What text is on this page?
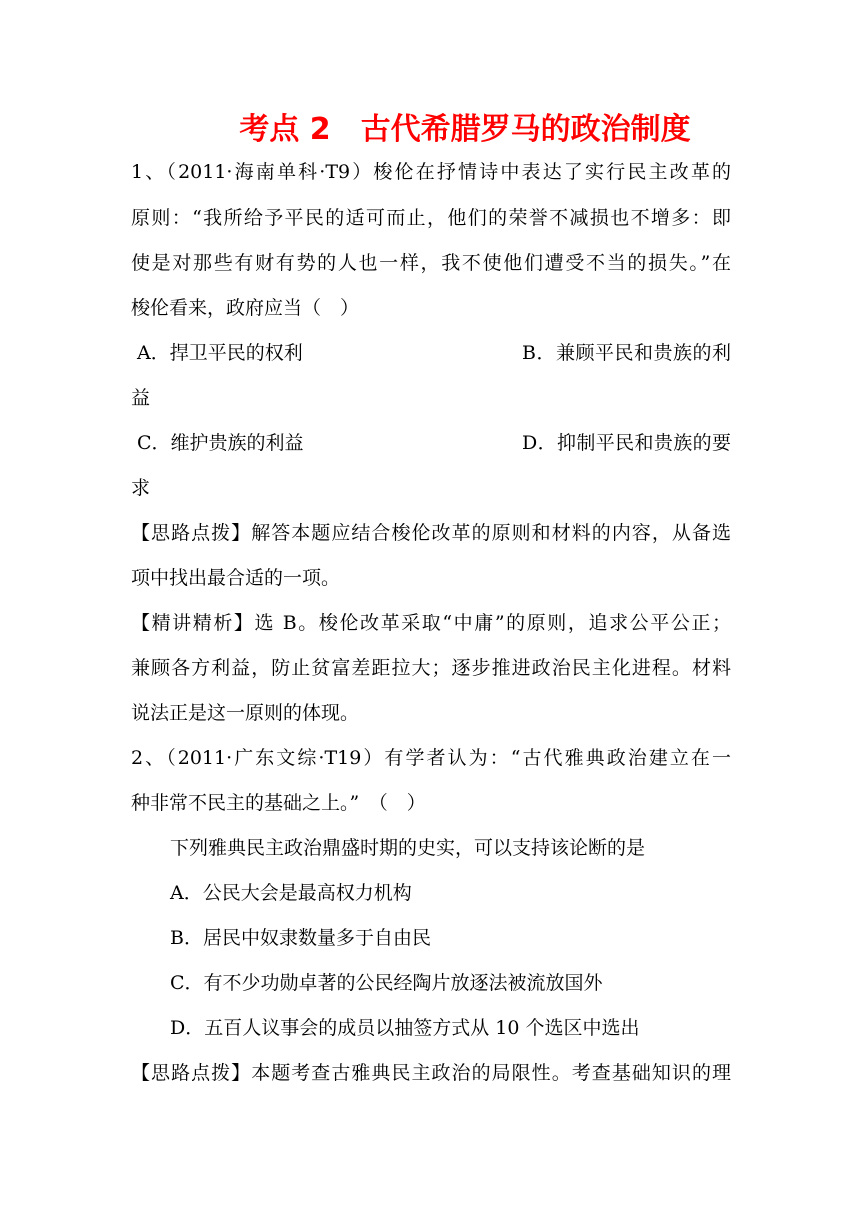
考点 2　古代希腊罗马的政治制度
1、（2011·海南单科·T9）梭伦在抒情诗中表达了实行民主改革的
原则：“我所给予平民的适可而止，他们的荣誉不减损也不增多：即
使是对那些有财有势的人也一样，我不使他们遭受不当的损失。”在
梭伦看来，政府应当（　）
A．捍卫平民的权利	B．兼顾平民和贵族的利
益
C．维护贵族的利益	D．抑制平民和贵族的要
求
【思路点拨】解答本题应结合梭伦改革的原则和材料的内容，从备选
项中找出最合适的一项。
【精讲精析】选 B。梭伦改革采取“中庸”的原则，追求公平公正；
兼顾各方利益，防止贫富差距拉大；逐步推进政治民主化进程。材料
说法正是这一原则的体现。
2、（2011·广东文综·T19）有学者认为：“古代雅典政治建立在一
种非常不民主的基础之上。”　（　）
下列雅典民主政治鼎盛时期的史实，可以支持该论断的是
A．公民大会是最高权力机构
B．居民中奴隶数量多于自由民
C．有不少功勋卓著的公民经陶片放逐法被流放国外
D．五百人议事会的成员以抽签方式从 10 个选区中选出
【思路点拨】本题考查古雅典民主政治的局限性。考查基础知识的理
